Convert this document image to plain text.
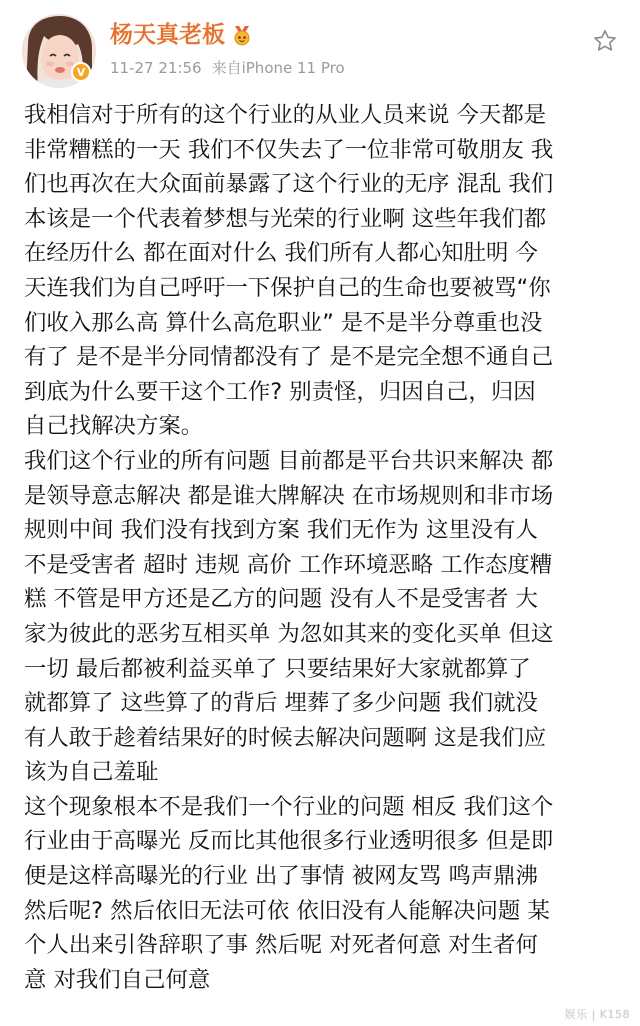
V
杨天真老板
11-27 21:56 来自iPhone 11 Pro
我相信对于所有的这个行业的从业人员来说 今天都是
非常糟糕的一天 我们不仅失去了一位非常可敬朋友 我
们也再次在大众面前暴露了这个行业的无序 混乱 我们
本该是一个代表着梦想与光荣的行业啊 这些年我们都
在经历什么 都在面对什么 我们所有人都心知肚明 今
天连我们为自己呼吁一下保护自己的生命也要被骂“你
们收入那么高 算什么高危职业” 是不是半分尊重也没
有了 是不是半分同情都没有了 是不是完全想不通自己
到底为什么要干这个工作? 别责怪，归因自己，归因
自己找解决方案。
我们这个行业的所有问题 目前都是平台共识来解决 都
是领导意志解决 都是谁大牌解决 在市场规则和非市场
规则中间 我们没有找到方案 我们无作为 这里没有人
不是受害者 超时 违规 高价 工作环境恶略 工作态度糟
糕 不管是甲方还是乙方的问题 没有人不是受害者 大
家为彼此的恶劣互相买单 为忽如其来的变化买单 但这
一切 最后都被利益买单了 只要结果好大家就都算了
就都算了 这些算了的背后 埋葬了多少问题 我们就没
有人敢于趁着结果好的时候去解决问题啊 这是我们应
该为自己羞耻
这个现象根本不是我们一个行业的问题 相反 我们这个
行业由于高曝光 反而比其他很多行业透明很多 但是即
便是这样高曝光的行业 出了事情 被网友骂 鸣声鼎沸
然后呢? 然后依旧无法可依 依旧没有人能解决问题 某
个人出来引咎辞职了事 然后呢 对死者何意 对生者何
意 对我们自己何意
娱乐 | K158
